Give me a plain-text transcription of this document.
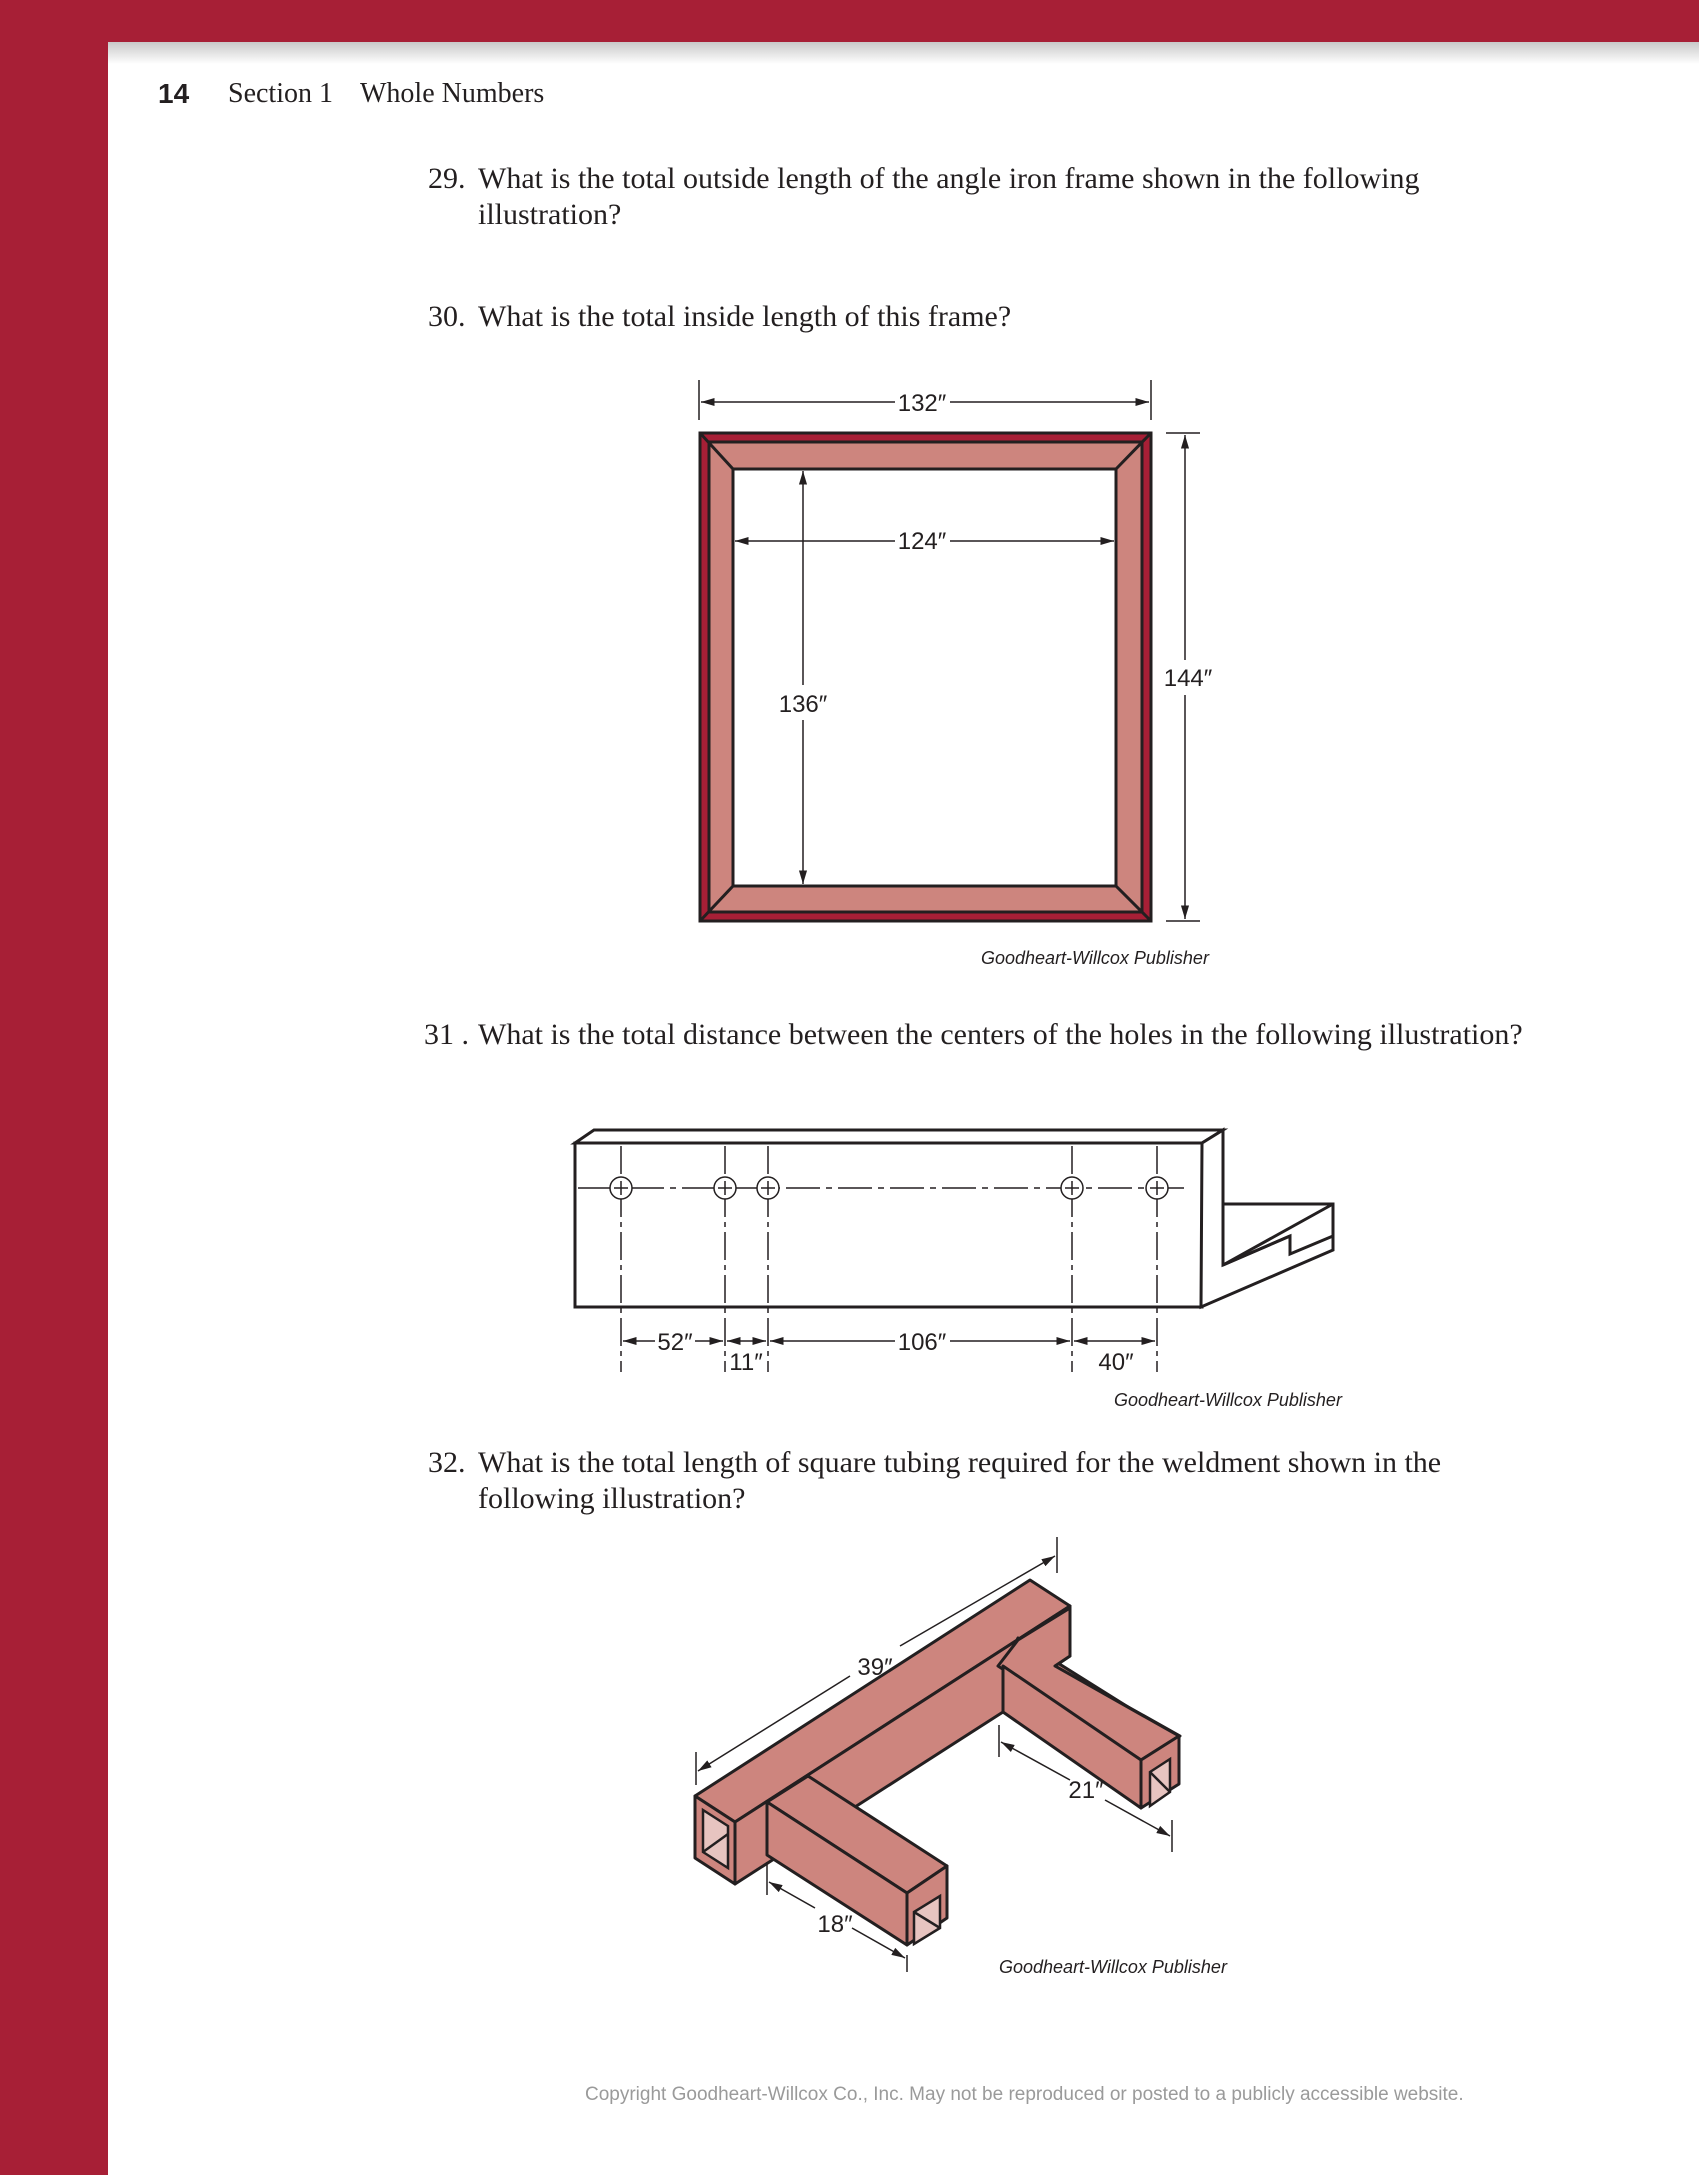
14 Section 1 Whole Numbers
29. What is the total outside length of the angle iron frame shown in the following illustration?
30. What is the total inside length of this frame?
31 . What is the total distance between the centers of the holes in the following illustration?
32. What is the total length of square tubing required for the weldment shown in the following illustration?
132″
124″
136″
144″
Goodheart-Willcox Publisher
52″
11″
106″
40″
Goodheart-Willcox Publisher
39″
21″
18″
Goodheart-Willcox Publisher
Copyright Goodheart-Willcox Co., Inc. May not be reproduced or posted to a publicly accessible website.
